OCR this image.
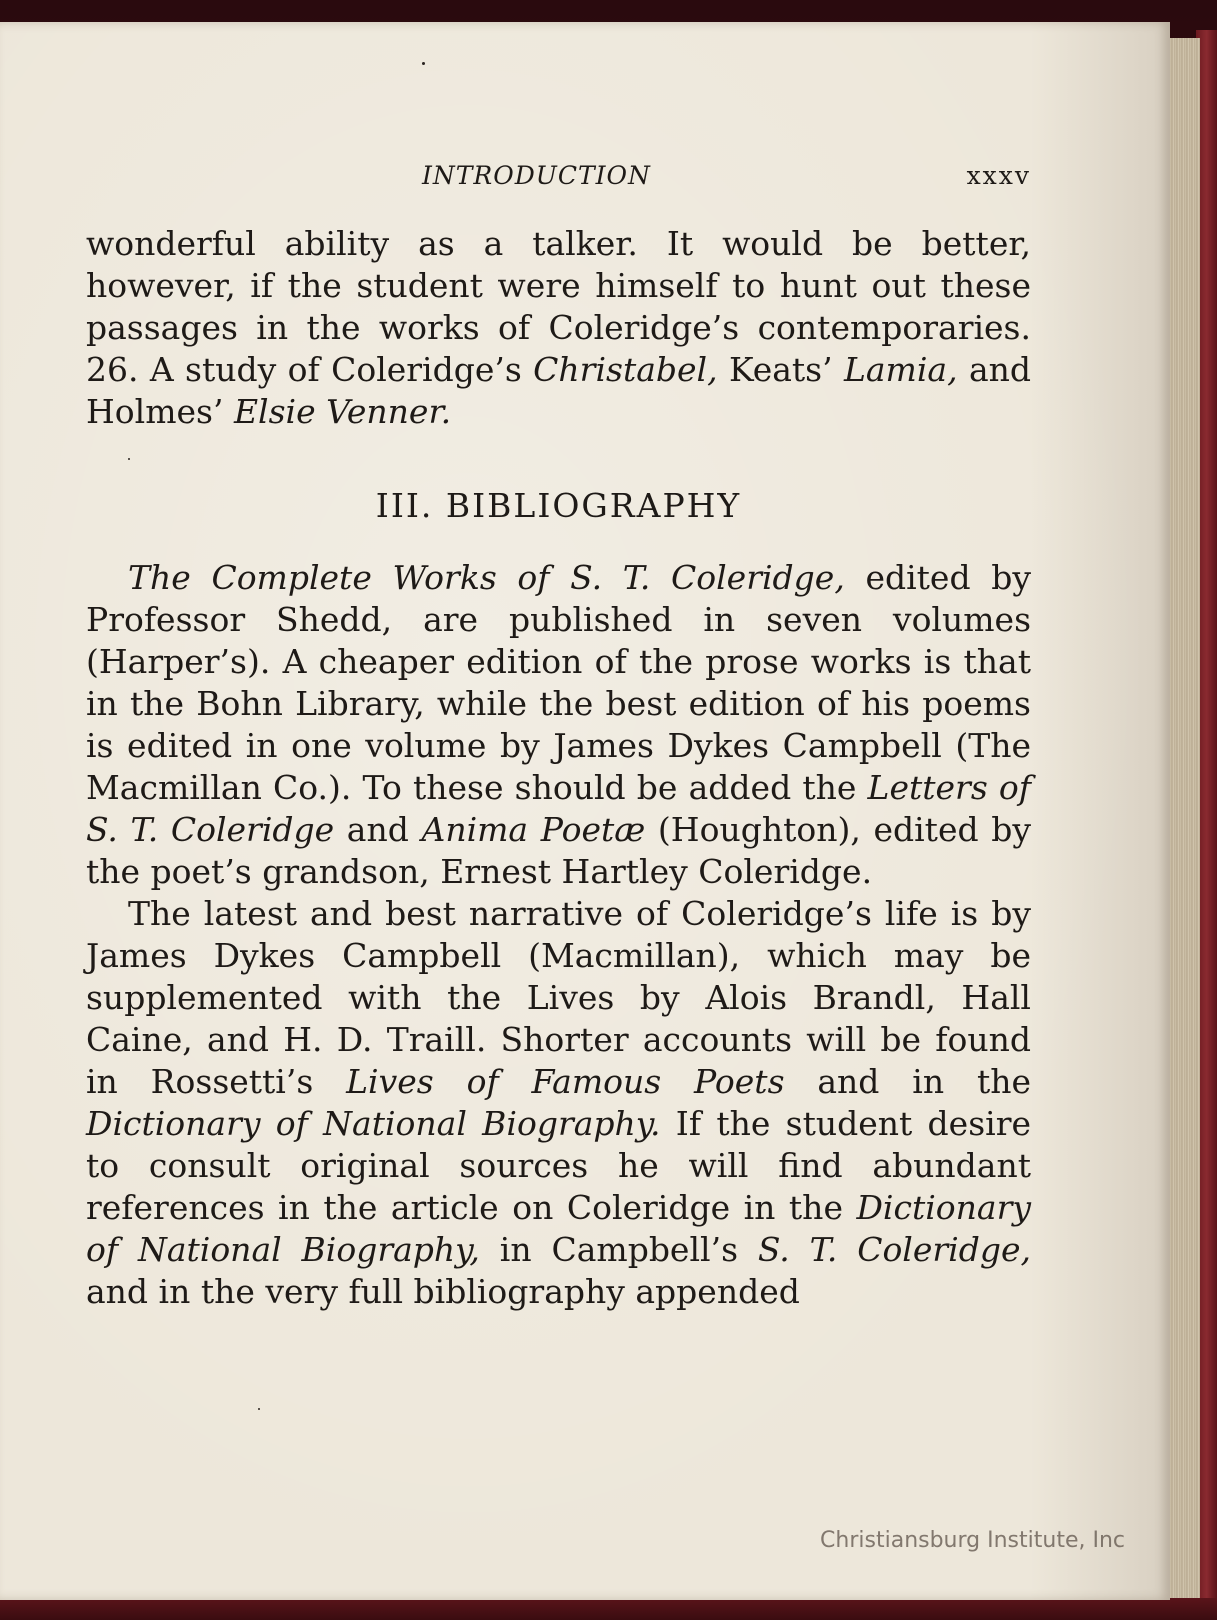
INTRODUCTION	xxxv

wonderful ability as a talker. It would be better, however, if the student were himself to hunt out these passages in the works of Coleridge’s contemporaries. 26. A study of Coleridge’s Christabel, Keats’ Lamia, and Holmes’ Elsie Venner.

III. BIBLIOGRAPHY

The Complete Works of S. T. Coleridge, edited by Professor Shedd, are published in seven volumes (Harper’s). A cheaper edition of the prose works is that in the Bohn Library, while the best edition of his poems is edited in one volume by James Dykes Campbell (The Macmillan Co.). To these should be added the Letters of S. T. Coleridge and Anima Poetæ (Houghton), edited by the poet’s grandson, Ernest Hartley Coleridge.

The latest and best narrative of Coleridge’s life is by James Dykes Campbell (Macmillan), which may be supplemented with the Lives by Alois Brandl, Hall Caine, and H. D. Traill. Shorter accounts will be found in Rossetti’s Lives of Famous Poets and in the Dictionary of National Biography. If the student desire to consult original sources he will find abundant references in the article on Coleridge in the Dictionary of National Biography, in Campbell’s S. T. Coleridge, and in the very full bibliography appended

Christiansburg Institute, Inc
